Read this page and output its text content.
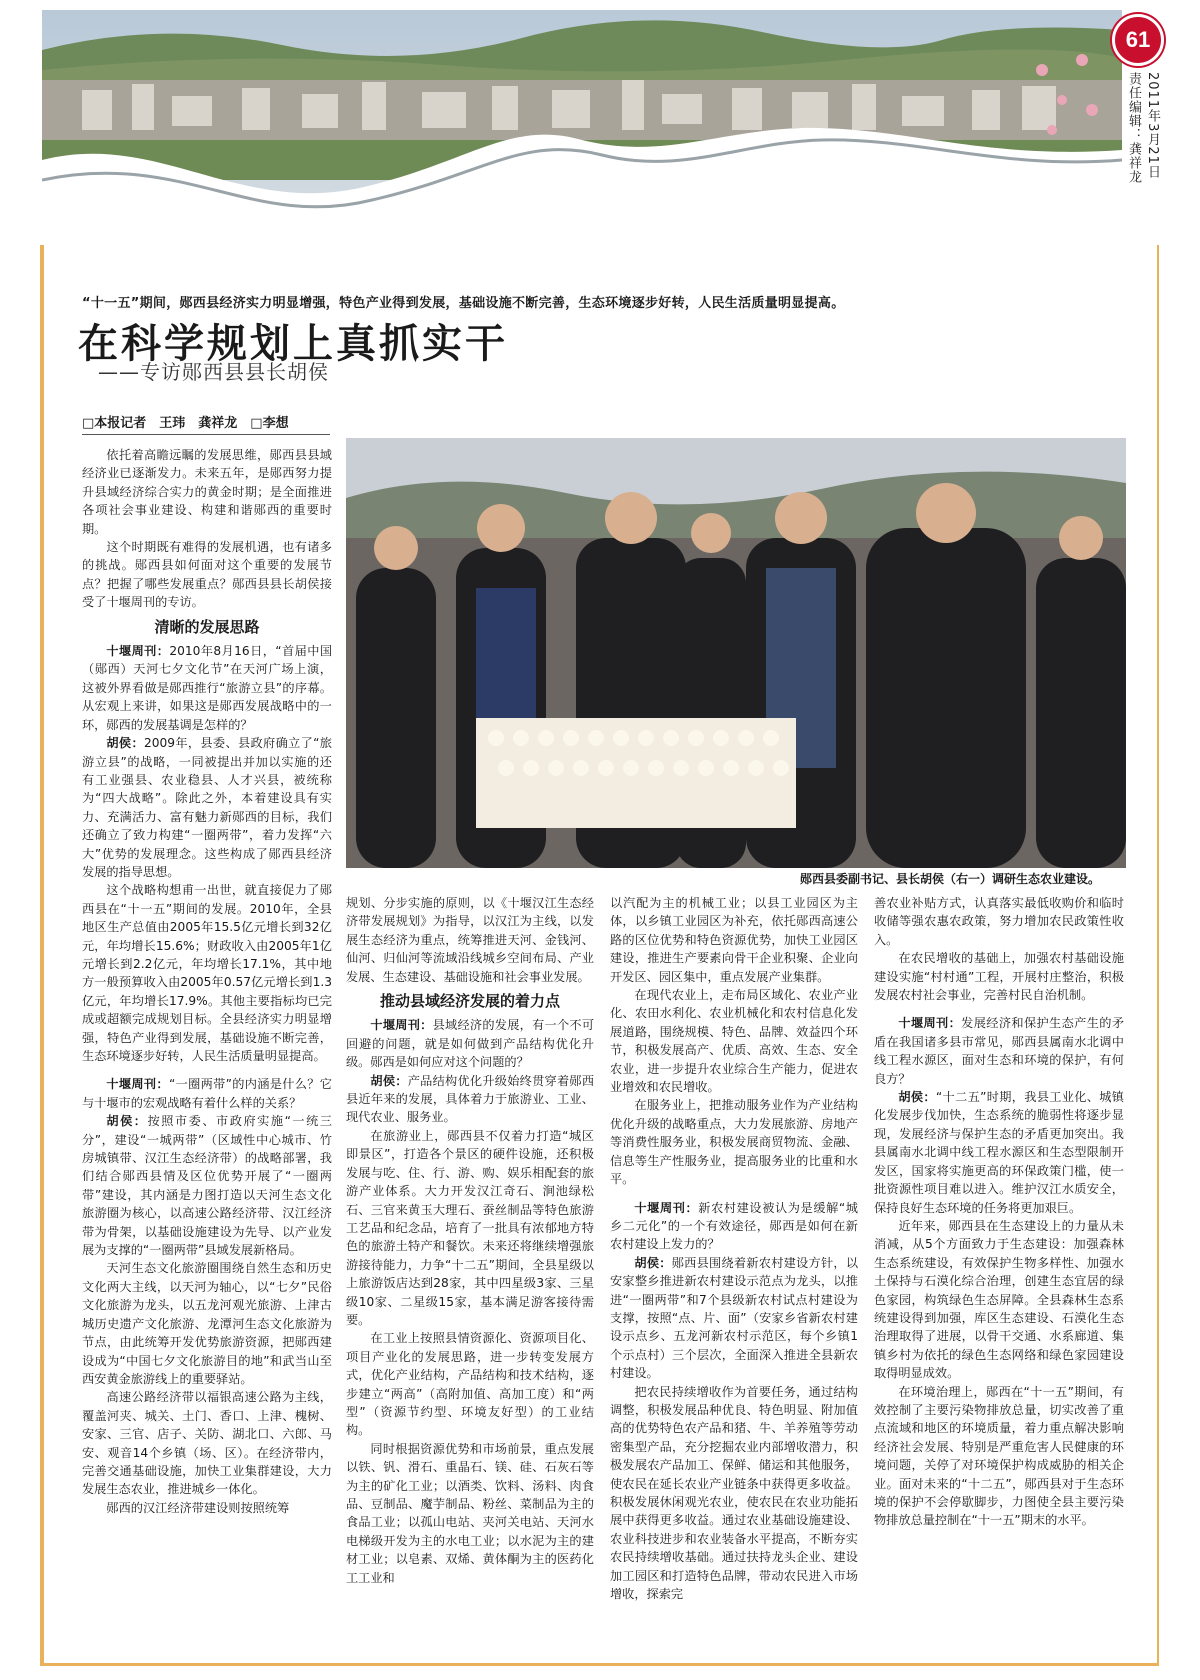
61
2011年3月21日
责任编辑：龚祥龙
“十一五”期间，郧西县经济实力明显增强，特色产业得到发展，基础设施不断完善，生态环境逐步好转，人民生活质量明显提高。
在科学规划上真抓实干
——专访郧西县县长胡侯
□本报记者　王玮　龚祥龙　□李想
郧西县委副书记、县长胡侯（右一）调研生态农业建设。

依托着高瞻远瞩的发展思维，郧西县县域经济业已逐渐发力。未来五年，是郧西努力提升县域经济综合实力的黄金时期；是全面推进各项社会事业建设、构建和谐郧西的重要时期。

这个时期既有难得的发展机遇，也有诸多的挑战。郧西县如何面对这个重要的发展节点？把握了哪些发展重点？郧西县县长胡侯接受了十堰周刊的专访。

清晰的发展思路

十堰周刊：2010年8月16日，“首届中国（郧西）天河七夕文化节”在天河广场上演，这被外界看做是郧西推行“旅游立县”的序幕。从宏观上来讲，如果这是郧西发展战略中的一环，郧西的发展基调是怎样的？

胡侯：2009年，县委、县政府确立了“旅游立县”的战略，一同被提出并加以实施的还有工业强县、农业稳县、人才兴县，被统称为“四大战略”。除此之外，本着建设具有实力、充满活力、富有魅力新郧西的目标，我们还确立了致力构建“一圈两带”，着力发挥“六大”优势的发展理念。这些构成了郧西县经济发展的指导思想。

这个战略构想甫一出世，就直接促力了郧西县在“十一五”期间的发展。2010年，全县地区生产总值由2005年15.5亿元增长到32亿元，年均增长15.6%；财政收入由2005年1亿元增长到2.2亿元，年均增长17.1%，其中地方一般预算收入由2005年0.57亿元增长到1.3亿元，年均增长17.9%。其他主要指标均已完成或超额完成规划目标。全县经济实力明显增强，特色产业得到发展，基础设施不断完善，生态环境逐步好转，人民生活质量明显提高。

十堰周刊：“一圈两带”的内涵是什么？它与十堰市的宏观战略有着什么样的关系？

胡侯：按照市委、市政府实施“一统三分”，建设“一城两带”（区域性中心城市、竹房城镇带、汉江生态经济带）的战略部署，我们结合郧西县情及区位优势开展了“一圈两带”建设，其内涵是力图打造以天河生态文化旅游圈为核心，以高速公路经济带、汉江经济带为骨架，以基础设施建设为先导、以产业发展为支撑的“一圈两带”县域发展新格局。

天河生态文化旅游圈围绕自然生态和历史文化两大主线，以天河为轴心，以“七夕”民俗文化旅游为龙头，以五龙河观光旅游、上津古城历史遗产文化旅游、龙潭河生态文化旅游为节点，由此统筹开发优势旅游资源，把郧西建设成为“中国七夕文化旅游目的地”和武当山至西安黄金旅游线上的重要驿站。

高速公路经济带以福银高速公路为主线，覆盖河夹、城关、土门、香口、上津、槐树、安家、三官、店子、关防、湖北口、六郎、马安、观音14个乡镇（场、区）。在经济带内，完善交通基础设施，加快工业集群建设，大力发展生态农业，推进城乡一体化。

郧西的汉江经济带建设则按照统筹

规划、分步实施的原则，以《十堰汉江生态经济带发展规划》为指导，以汉江为主线，以发展生态经济为重点，统筹推进天河、金钱河、仙河、归仙河等流域沿线城乡空间布局、产业发展、生态建设、基础设施和社会事业发展。

推动县域经济发展的着力点

十堰周刊：县域经济的发展，有一个不可回避的问题，就是如何做到产品结构优化升级。郧西是如何应对这个问题的？

胡侯：产品结构优化升级始终贯穿着郧西县近年来的发展，具体着力于旅游业、工业、现代农业、服务业。

在旅游业上，郧西县不仅着力打造“城区即景区”，打造各个景区的硬件设施，还积极发展与吃、住、行、游、购、娱乐相配套的旅游产业体系。大力开发汉江奇石、涧池绿松石、三官来黄玉大理石、蚕丝制品等特色旅游工艺品和纪念品，培育了一批具有浓郁地方特色的旅游土特产和餐饮。未来还将继续增强旅游接待能力，力争“十二五”期间，全县星级以上旅游饭店达到28家，其中四星级3家、三星级10家、二星级15家，基本满足游客接待需要。

在工业上按照县情资源化、资源项目化、项目产业化的发展思路，进一步转变发展方式，优化产业结构，产品结构和技术结构，逐步建立“两高”（高附加值、高加工度）和“两型”（资源节约型、环境友好型）的工业结构。

同时根据资源优势和市场前景，重点发展以铁、钒、滑石、重晶石、镁、硅、石灰石等为主的矿化工业；以酒类、饮料、汤料、肉食品、豆制品、魔芋制品、粉丝、菜制品为主的食品工业；以孤山电站、夹河关电站、天河水电梯级开发为主的水电工业；以水泥为主的建材工业；以皂素、双烯、黄体酮为主的医药化工工业和

以汽配为主的机械工业；以县工业园区为主体，以乡镇工业园区为补充，依托郧西高速公路的区位优势和特色资源优势，加快工业园区建设，推进生产要素向骨干企业积聚、企业向开发区、园区集中，重点发展产业集群。

在现代农业上，走布局区域化、农业产业化、农田水利化、农业机械化和农村信息化发展道路，围绕规模、特色、品牌、效益四个环节，积极发展高产、优质、高效、生态、安全农业，进一步提升农业综合生产能力，促进农业增效和农民增收。

在服务业上，把推动服务业作为产业结构优化升级的战略重点，大力发展旅游、房地产等消费性服务业，积极发展商贸物流、金融、信息等生产性服务业，提高服务业的比重和水平。

十堰周刊：新农村建设被认为是缓解“城乡二元化”的一个有效途径，郧西是如何在新农村建设上发力的？

胡侯：郧西县围绕着新农村建设方针，以安家整乡推进新农村建设示范点为龙头，以推进“一圈两带”和7个县级新农村试点村建设为支撑，按照“点、片、面”（安家乡省新农村建设示点乡、五龙河新农村示范区，每个乡镇1个示点村）三个层次，全面深入推进全县新农村建设。

把农民持续增收作为首要任务，通过结构调整，积极发展品种优良、特色明显、附加值高的优势特色农产品和猪、牛、羊养殖等劳动密集型产品，充分挖掘农业内部增收潜力，积极发展农产品加工、保鲜、储运和其他服务，使农民在延长农业产业链条中获得更多收益。积极发展休闲观光农业，使农民在农业功能拓展中获得更多收益。通过农业基础设施建设、农业科技进步和农业装备水平提高，不断夯实农民持续增收基础。通过扶持龙头企业、建设加工园区和打造特色品牌，带动农民进入市场增收，探索完

善农业补贴方式，认真落实最低收购价和临时收储等强农惠农政策，努力增加农民政策性收入。

在农民增收的基础上，加强农村基础设施建设实施“村村通”工程，开展村庄整治，积极发展农村社会事业，完善村民自治机制。

十堰周刊：发展经济和保护生态产生的矛盾在我国诸多县市常见，郧西县属南水北调中线工程水源区，面对生态和环境的保护，有何良方？

胡侯：“十二五”时期，我县工业化、城镇化发展步伐加快，生态系统的脆弱性将逐步显现，发展经济与保护生态的矛盾更加突出。我县属南水北调中线工程水源区和生态型限制开发区，国家将实施更高的环保政策门槛，使一批资源性项目难以进入。维护汉江水质安全，保持良好生态环境的任务将更加艰巨。

近年来，郧西县在生态建设上的力量从未消减，从5个方面致力于生态建设：加强森林生态系统建设，有效保护生物多样性、加强水土保持与石漠化综合治理，创建生态宜居的绿色家园，构筑绿色生态屏障。全县森林生态系统建设得到加强，库区生态建设、石漠化生态治理取得了进展，以骨干交通、水系廊道、集镇乡村为依托的绿色生态网络和绿色家园建设取得明显成效。

在环境治理上，郧西在“十一五”期间，有效控制了主要污染物排放总量，切实改善了重点流域和地区的环境质量，着力重点解决影响经济社会发展、特别是严重危害人民健康的环境问题，关停了对环境保护构成威胁的相关企业。面对未来的“十二五”，郧西县对于生态环境的保护不会停歇脚步，力图使全县主要污染物排放总量控制在“十一五”期末的水平。
